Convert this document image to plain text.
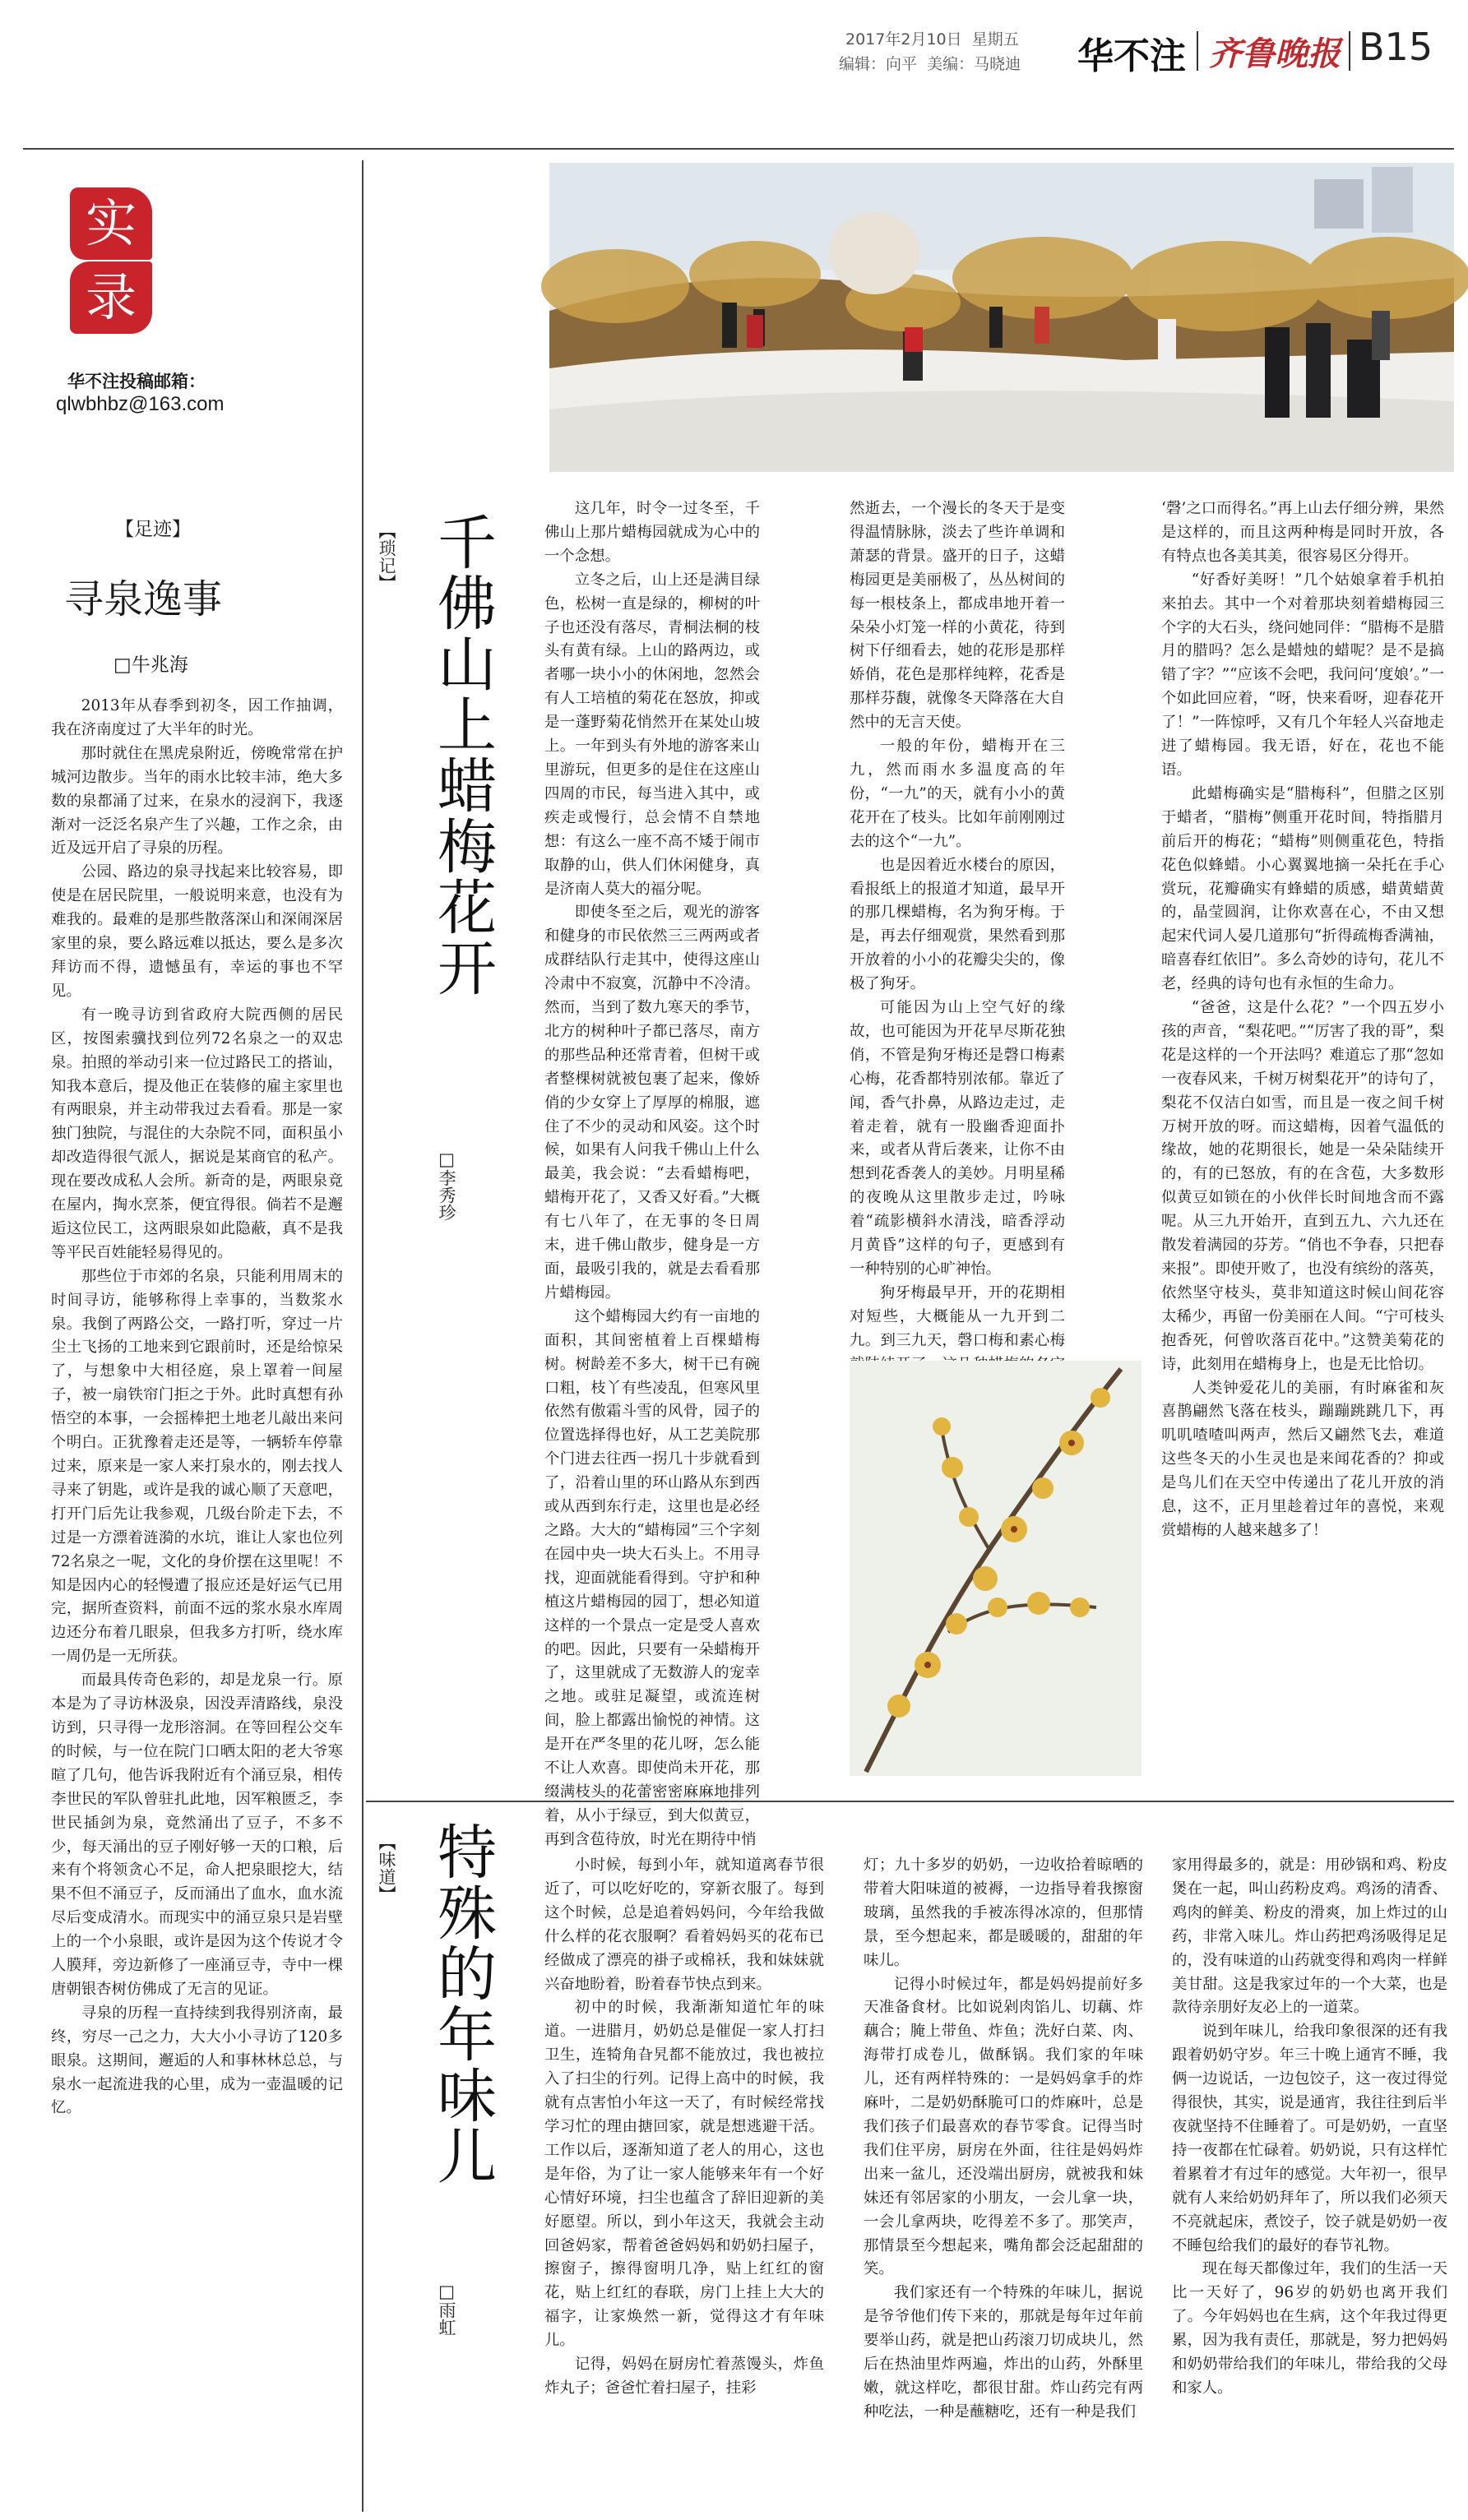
2017年2月10日 星期五
编辑：向平 美编：马晓迪 华不注 齐鲁晚报 B15
实
录
华不注投稿邮箱：
qlwbhbz@163.com
【足迹】
寻泉逸事
□牛兆海

2013年从春季到初冬，因工作抽调，我在济南度过了大半年的时光。

那时就住在黑虎泉附近，傍晚常常在护城河边散步。当年的雨水比较丰沛，绝大多数的泉都涌了过来，在泉水的浸润下，我逐渐对一泛泛名泉产生了兴趣，工作之余，由近及远开启了寻泉的历程。

公园、路边的泉寻找起来比较容易，即使是在居民院里，一般说明来意，也没有为难我的。最难的是那些散落深山和深闹深居家里的泉，要么路远难以抵达，要么是多次拜访而不得，遗憾虽有，幸运的事也不罕见。

有一晚寻访到省政府大院西侧的居民区，按图索骥找到位列72名泉之一的双忠泉。拍照的举动引来一位过路民工的搭讪，知我本意后，提及他正在装修的雇主家里也有两眼泉，并主动带我过去看看。那是一家独门独院，与混住的大杂院不同，面积虽小却改造得很气派人，据说是某商官的私产。现在要改成私人会所。新奇的是，两眼泉竟在屋内，掏水烹茶，便宜得很。倘若不是邂逅这位民工，这两眼泉如此隐蔽，真不是我等平民百姓能轻易得见的。

那些位于市郊的名泉，只能利用周末的时间寻访，能够称得上幸事的，当数浆水泉。我倒了两路公交，一路打听，穿过一片尘土飞扬的工地来到它跟前时，还是给惊呆了，与想象中大相径庭，泉上罩着一间屋子，被一扇铁帘门拒之于外。此时真想有孙悟空的本事，一会摇棒把土地老儿敲出来问个明白。正犹豫着走还是等，一辆轿车停靠过来，原来是一家人来打泉水的，刚去找人寻来了钥匙，或许是我的诚心顺了天意吧，打开门后先让我参观，几级台阶走下去，不过是一方漂着涟漪的水坑，谁让人家也位列72名泉之一呢，文化的身价摆在这里呢！不知是因内心的轻慢遭了报应还是好运气已用完，据所查资料，前面不远的浆水泉水库周边还分布着几眼泉，但我多方打听，绕水库一周仍是一无所获。

而最具传奇色彩的，却是龙泉一行。原本是为了寻访林汲泉，因没弄清路线，泉没访到，只寻得一龙形溶洞。在等回程公交车的时候，与一位在院门口晒太阳的老大爷寒暄了几句，他告诉我附近有个涌豆泉，相传李世民的军队曾驻扎此地，因军粮匮乏，李世民插剑为泉，竟然涌出了豆子，不多不少，每天涌出的豆子刚好够一天的口粮，后来有个将领贪心不足，命人把泉眼挖大，结果不但不涌豆子，反而涌出了血水，血水流尽后变成清水。而现实中的涌豆泉只是岩壁上的一个小泉眼，或许是因为这个传说才令人膜拜，旁边新修了一座涌豆寺，寺中一棵唐朝银杏树仿佛成了无言的见证。

寻泉的历程一直持续到我得别济南，最终，穷尽一己之力，大大小小寻访了120多眼泉。这期间，邂逅的人和事林林总总，与泉水一起流进我的心里，成为一壶温暖的记忆。

【琐记】 千佛山上蜡梅花开
□李秀珍

这几年，时令一过冬至，千佛山上那片蜡梅园就成为心中的一个念想。

立冬之后，山上还是满目绿色，松树一直是绿的，柳树的叶子也还没有落尽，青桐法桐的枝头有黄有绿。上山的路两边，或者哪一块小小的休闲地，忽然会有人工培植的菊花在怒放，抑或是一蓬野菊花悄然开在某处山坡上。一年到头有外地的游客来山里游玩，但更多的是住在这座山四周的市民，每当进入其中，或疾走或慢行，总会情不自禁地想：有这么一座不高不矮于闹市取静的山，供人们休闲健身，真是济南人莫大的福分呢。

即使冬至之后，观光的游客和健身的市民依然三三两两或者成群结队行走其中，使得这座山冷肃中不寂寞，沉静中不冷清。然而，当到了数九寒天的季节，北方的树种叶子都已落尽，南方的那些品种还常青着，但树干或者整棵树就被包裹了起来，像娇俏的少女穿上了厚厚的棉服，遮住了不少的灵动和风姿。这个时候，如果有人问我千佛山上什么最美，我会说：“去看蜡梅吧，蜡梅开花了，又香又好看。”大概有七八年了，在无事的冬日周末，进千佛山散步，健身是一方面，最吸引我的，就是去看看那片蜡梅园。

这个蜡梅园大约有一亩地的面积，其间密植着上百棵蜡梅树。树龄差不多大，树干已有碗口粗，枝丫有些凌乱，但寒风里依然有傲霜斗雪的风骨，园子的位置选择得也好，从工艺美院那个门进去往西一拐几十步就看到了，沿着山里的环山路从东到西或从西到东行走，这里也是必经之路。大大的“蜡梅园”三个字刻在园中央一块大石头上。不用寻找，迎面就能看得到。守护和种植这片蜡梅园的园丁，想必知道这样的一个景点一定是受人喜欢的吧。因此，只要有一朵蜡梅开了，这里就成了无数游人的宠幸之地。或驻足凝望，或流连树间，脸上都露出愉悦的神情。这是开在严冬里的花儿呀，怎么能不让人欢喜。即使尚未开花，那缀满枝头的花蕾密密麻麻地排列着，从小于绿豆，到大似黄豆，再到含苞待放，时光在期待中悄

然逝去，一个漫长的冬天于是变得温情脉脉，淡去了些许单调和萧瑟的背景。盛开的日子，这蜡梅园更是美丽极了，丛丛树间的每一根枝条上，都成串地开着一朵朵小灯笼一样的小黄花，待到树下仔细看去，她的花形是那样娇俏，花色是那样纯粹，花香是那样芬馥，就像冬天降落在大自然中的无言天使。

一般的年份，蜡梅开在三九，然而雨水多温度高的年份，“一九”的天，就有小小的黄花开在了枝头。比如年前刚刚过去的这个“一九”。

也是因着近水楼台的原因，看报纸上的报道才知道，最早开的那几棵蜡梅，名为狗牙梅。于是，再去仔细观赏，果然看到那开放着的小小的花瓣尖尖的，像极了狗牙。

可能因为山上空气好的缘故，也可能因为开花早尽斯花独俏，不管是狗牙梅还是磬口梅素心梅，花香都特别浓郁。靠近了闻，香气扑鼻，从路边走过，走着走着，就有一股幽香迎面扑来，或者从背后袭来，让你不由想到花香袭人的美妙。月明星稀的夜晚从这里散步走过，吟咏着“疏影横斜水清浅，暗香浮动月黄昏”这样的句子，更感到有一种特别的心旷神怡。

狗牙梅最早开，开的花期相对短些，大概能从一九开到二九。到三九天，磬口梅和素心梅

‘磬’之口而得名。”再上山去仔细分辨，果然是这样的，而且这两种梅是同时开放，各有特点也各美其美，很容易区分得开。

“好香好美呀！”几个姑娘拿着手机拍来拍去。其中一个对着那块刻着蜡梅园三个字的大石头，绕问她同伴：“腊梅不是腊月的腊吗？怎么是蜡烛的蜡呢？是不是搞错了字？”“应该不会吧，我问问‘度娘’。”一个如此回应着，“呀，快来看呀，迎春花开了！”一阵惊呼，又有几个年轻人兴奋地走进了蜡梅园。我无语，好在，花也不能语。

此蜡梅确实是“腊梅科”，但腊之区别于蜡者，“腊梅”侧重开花时间，特指腊月前后开的梅花；“蜡梅”则侧重花色，特指花色似蜂蜡。小心翼翼地摘一朵托在手心赏玩，花瓣确实有蜂蜡的质感，蜡黄蜡黄的，晶莹圆润，让你欢喜在心，不由又想起宋代词人晏几道那句“折得疏梅香满袖，暗喜春红依旧”。多么奇妙的诗句，花儿不老，经典的诗句也有永恒的生命力。

“爸爸，这是什么花？”一个四五岁小孩的声音，“梨花吧。”“厉害了我的哥”，梨花是这样的一个开法吗？难道忘了那“忽如一夜春风来，千树万树梨花开”的诗句了，梨花不仅洁白如雪，而且是一夜之间千树万树开放的呀。而这蜡梅，因着气温低的缘故，她的花期很长，她是一朵朵陆续开的，有的已怒放，有的在含苞，大多数形似黄豆如锁在的小伙伴长时间地含而不露呢。从三九开始开，直到五九、六九还在散发着满园的芬芳。“俏也不争春，只把春来报”。即使开败了，也没有缤纷的落英，依然坚守枝头，莫非知道这时候山间花容太稀少，再留一份美丽在人间。“宁可枝头抱香死，何曾吹落百花中。”这赞美菊花的诗，此刻用在蜡梅身上，也是无比恰切。

人类钟爱花儿的美丽，有时麻雀和灰喜鹊翩然飞落在枝头，蹦蹦跳跳几下，再叽叽喳喳叫两声，然后又翩然飞去，难道这些冬天的小生灵也是来闻花香的？抑或是鸟儿们在天空中传递出了花儿开放的消息，这不，正月里趁着过年的喜悦，来观赏蜡梅的人越来越多了！

【味道】 特殊的年味儿
□雨虹

小时候，每到小年，就知道离春节很近了，可以吃好吃的，穿新衣服了。每到这个时候，总是追着妈妈问，今年给我做什么样的花衣服啊？看着妈妈买的花布已经做成了漂亮的褂子或棉袄，我和妹妹就兴奋地盼着，盼着春节快点到来。

初中的时候，我渐渐知道忙年的味道。一进腊月，奶奶总是催促一家人打扫卫生，连犄角旮旯都不能放过，我也被拉入了扫尘的行列。记得上高中的时候，我就有点害怕小年这一天了，有时候经常找学习忙的理由搪回家，就是想逃避干活。工作以后，逐渐知道了老人的用心，这也是年俗，为了让一家人能够来年有一个好心情好环境，扫尘也蕴含了辞旧迎新的美好愿望。所以，到小年这天，我就会主动回爸妈家，帮着爸爸妈妈和奶奶扫屋子，擦窗子，擦得窗明几净，贴上红红的窗花，贴上红红的春联，房门上挂上大大的福字，让家焕然一新，觉得这才有年味儿。

记得，妈妈在厨房忙着蒸馒头，炸鱼炸丸子；爸爸忙着扫屋子，挂彩

灯；九十多岁的奶奶，一边收拾着晾晒的带着大阳味道的被褥，一边指导着我擦窗玻璃，虽然我的手被冻得冰凉的，但那情景，至今想起来，都是暖暖的，甜甜的年味儿。

记得小时候过年，都是妈妈提前好多天准备食材。比如说剁肉馅儿、切藕、炸藕合；腌上带鱼、炸鱼；洗好白菜、肉、海带打成卷儿，做酥锅。我们家的年味儿，还有两样特殊的：一是妈妈拿手的炸麻叶，二是奶奶酥脆可口的炸麻叶，总是我们孩子们最喜欢的春节零食。记得当时我们住平房，厨房在外面，往往是妈妈炸出来一盆儿，还没端出厨房，就被我和妹妹还有邻居家的小朋友，一会儿拿一块，一会儿拿两块，吃得差不多了。那笑声，那情景至今想起来，嘴角都会泛起甜甜的笑。

我们家还有一个特殊的年味儿，据说是爷爷他们传下来的，那就是每年过年前要举山药，就是把山药滚刀切成块儿，然后在热油里炸两遍，炸出的山药，外酥里嫩，就这样吃，都很甘甜。炸山药完有两种吃法，一种是蘸糖吃，还有一种是我们

家用得最多的，就是：用砂锅和鸡、粉皮煲在一起，叫山药粉皮鸡。鸡汤的清香、鸡肉的鲜美、粉皮的滑爽，加上炸过的山药，非常入味儿。炸山药把鸡汤吸得足足的，没有味道的山药就变得和鸡肉一样鲜美甘甜。这是我家过年的一个大菜，也是款待亲朋好友必上的一道菜。

说到年味儿，给我印象很深的还有我跟着奶奶守岁。年三十晚上通宵不睡，我俩一边说话，一边包饺子，这一夜过得觉得很快，其实，说是通宵，我往往到后半夜就坚持不住睡着了。可是奶奶，一直坚持一夜都在忙碌着。奶奶说，只有这样忙着累着才有过年的感觉。大年初一，很早就有人来给奶奶拜年了，所以我们必须天不亮就起床，煮饺子，饺子就是奶奶一夜不睡包给我们的最好的春节礼物。

现在每天都像过年，我们的生活一天比一天好了，96岁的奶奶也离开我们了。今年妈妈也在生病，这个年我过得更累，因为我有责任，那就是，努力把妈妈和奶奶带给我们的年味儿，带给我的父母和家人。
